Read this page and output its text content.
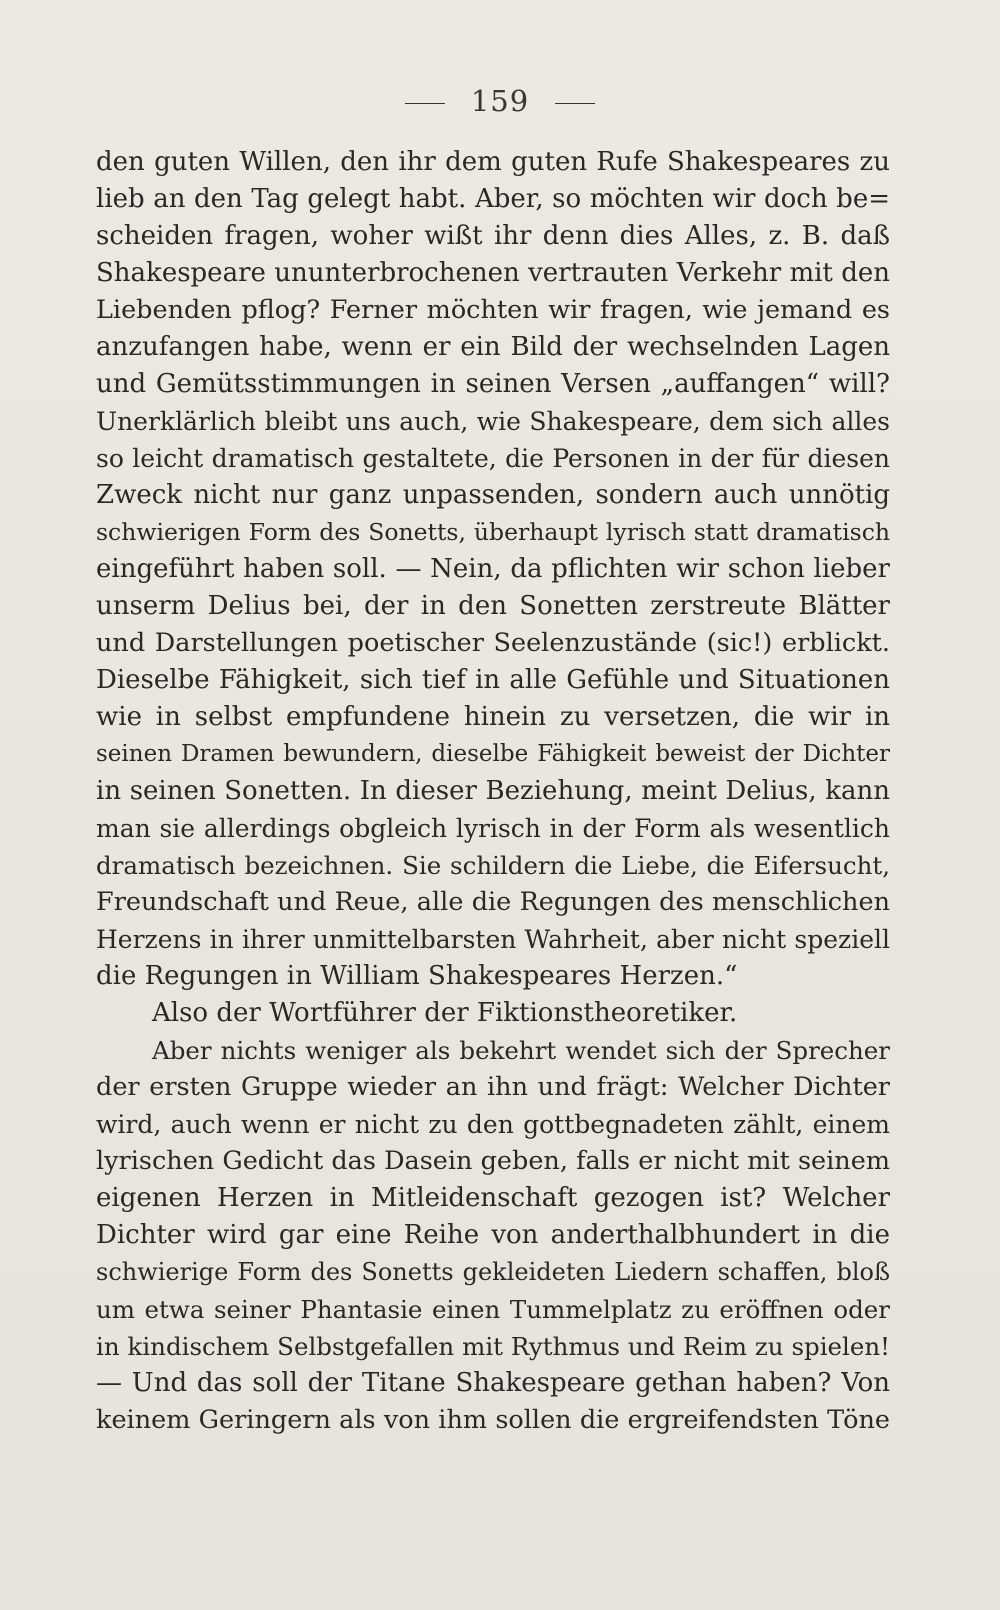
159
den guten Willen, den ihr dem guten Rufe Shakespeares zu
lieb an den Tag gelegt habt. Aber, so möchten wir doch be=
scheiden fragen, woher wißt ihr denn dies Alles, z. B. daß
Shakespeare ununterbrochenen vertrauten Verkehr mit den
Liebenden pflog? Ferner möchten wir fragen, wie jemand es
anzufangen habe, wenn er ein Bild der wechselnden Lagen
und Gemütsstimmungen in seinen Versen „auffangen“ will?
Unerklärlich bleibt uns auch, wie Shakespeare, dem sich alles
so leicht dramatisch gestaltete, die Personen in der für diesen
Zweck nicht nur ganz unpassenden, sondern auch unnötig
schwierigen Form des Sonetts, überhaupt lyrisch statt dramatisch
eingeführt haben soll. — Nein, da pflichten wir schon lieber
unserm Delius bei, der in den Sonetten zerstreute Blätter
und Darstellungen poetischer Seelenzustände (sic!) erblickt.
Dieselbe Fähigkeit, sich tief in alle Gefühle und Situationen
wie in selbst empfundene hinein zu versetzen, die wir in
seinen Dramen bewundern, dieselbe Fähigkeit beweist der Dichter
in seinen Sonetten. In dieser Beziehung, meint Delius, kann
man sie allerdings obgleich lyrisch in der Form als wesentlich
dramatisch bezeichnen. Sie schildern die Liebe, die Eifersucht,
Freundschaft und Reue, alle die Regungen des menschlichen
Herzens in ihrer unmittelbarsten Wahrheit, aber nicht speziell
die Regungen in William Shakespeares Herzen.“
Also der Wortführer der Fiktionstheoretiker.
Aber nichts weniger als bekehrt wendet sich der Sprecher
der ersten Gruppe wieder an ihn und frägt: Welcher Dichter
wird, auch wenn er nicht zu den gottbegnadeten zählt, einem
lyrischen Gedicht das Dasein geben, falls er nicht mit seinem
eigenen Herzen in Mitleidenschaft gezogen ist? Welcher
Dichter wird gar eine Reihe von anderthalbhundert in die
schwierige Form des Sonetts gekleideten Liedern schaffen, bloß
um etwa seiner Phantasie einen Tummelplatz zu eröffnen oder
in kindischem Selbstgefallen mit Rythmus und Reim zu spielen!
— Und das soll der Titane Shakespeare gethan haben? Von
keinem Geringern als von ihm sollen die ergreifendsten Töne
